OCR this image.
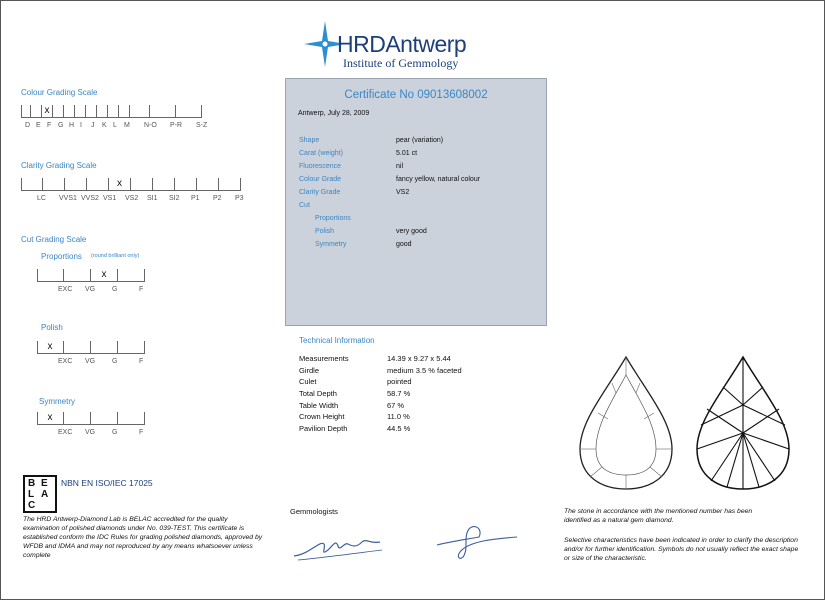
HRDAntwerp
Institute of Gemmology
Colour Grading Scale
D E
x
F G H I J K L M N-O P-R S-Z
Clarity Grading Scale
LC VVS1 VVS2 VS1
x
VS2 SI1 SI2 P1 P2 P3
Cut Grading Scale
Proportions (round brilliant only)
EXC VG
x
G	F
Polish
x
EXC VG G	F
Symmetry
x
EXC VG G	F
Certificate No 09013608002
Antwerp, July 28, 2009
Shape	pear (variation)
Carat (weight)	5.01 ct
Fluorescence	nil
Colour Grade	fancy yellow, natural colour
Clarity Grade	VS2
Cut
Proportions
Polish	very good
Symmetry	good
Technical Information
Measurements	14.39 x 9.27 x 5.44
Girdle	medium 3.5 % faceted
Culet	pointed
Total Depth	58.7 %
Table Width	67 %
Crown Height	11.0 %
Pavilion Depth	44.5 %
B E
L A
C
NBN EN ISO/IEC 17025
The HRD Antwerp-Diamond Lab is BELAC accredited for the quality examination of polished diamonds under No. 039-TEST. This certificate is established conform the IDC Rules for grading polished diamonds, approved by WFDB and IDMA and may not reproduced by any means whatsoever unless complete
Gemmologists	The stone in accordance with the mentioned number has been identified as a natural gem diamond.
Selective characteristics have been indicated in order to clarify the description and/or for further identification. Symbols do not usually reflect the exact shape or size of the characteristic.
